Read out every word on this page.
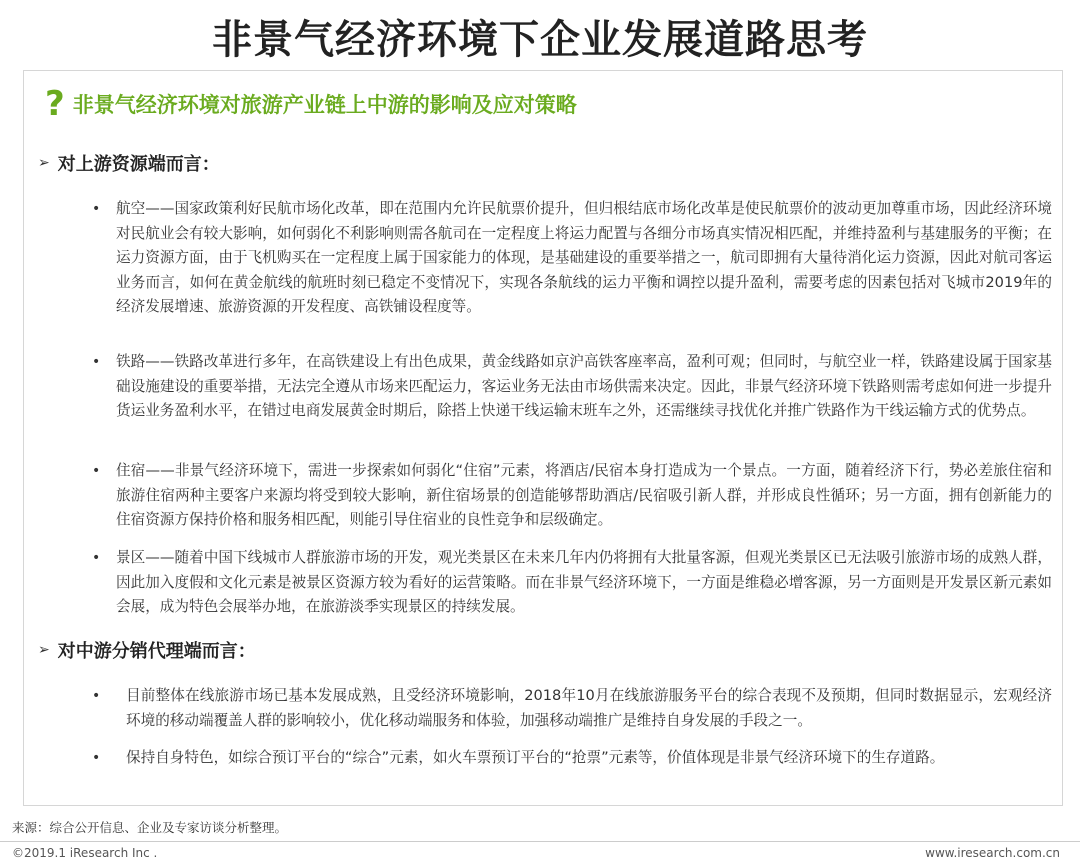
非景气经济环境下企业发展道路思考
? 非景气经济环境对旅游产业链上中游的影响及应对策略
➢ 对上游资源端而言：
•	航空——国家政策利好民航市场化改革，即在范围内允许民航票价提升，但归根结底市场化改革是使民航票价的波动更加尊重市场，因此经济环境对民航业会有较大影响，如何弱化不利影响则需各航司在一定程度上将运力配置与各细分市场真实情况相匹配，并维持盈利与基建服务的平衡；在运力资源方面，由于飞机购买在一定程度上属于国家能力的体现，是基础建设的重要举措之一，航司即拥有大量待消化运力资源，因此对航司客运业务而言，如何在黄金航线的航班时刻已稳定不变情况下，实现各条航线的运力平衡和调控以提升盈利，需要考虑的因素包括对飞城市2019年的经济发展增速、旅游资源的开发程度、高铁铺设程度等。
•	铁路——铁路改革进行多年，在高铁建设上有出色成果，黄金线路如京沪高铁客座率高，盈利可观；但同时，与航空业一样，铁路建设属于国家基础设施建设的重要举措，无法完全遵从市场来匹配运力，客运业务无法由市场供需来决定。因此，非景气经济环境下铁路则需考虑如何进一步提升货运业务盈利水平，在错过电商发展黄金时期后，除搭上快递干线运输末班车之外，还需继续寻找优化并推广铁路作为干线运输方式的优势点。
•	住宿——非景气经济环境下，需进一步探索如何弱化“住宿”元素，将酒店/民宿本身打造成为一个景点。一方面，随着经济下行，势必差旅住宿和旅游住宿两种主要客户来源均将受到较大影响，新住宿场景的创造能够帮助酒店/民宿吸引新人群，并形成良性循环；另一方面，拥有创新能力的住宿资源方保持价格和服务相匹配，则能引导住宿业的良性竞争和层级确定。
•	景区——随着中国下线城市人群旅游市场的开发，观光类景区在未来几年内仍将拥有大批量客源，但观光类景区已无法吸引旅游市场的成熟人群，因此加入度假和文化元素是被景区资源方较为看好的运营策略。而在非景气经济环境下，一方面是维稳必增客源，另一方面则是开发景区新元素如会展，成为特色会展举办地，在旅游淡季实现景区的持续发展。
➢ 对中游分销代理端而言：
•	目前整体在线旅游市场已基本发展成熟，且受经济环境影响，2018年10月在线旅游服务平台的综合表现不及预期，但同时数据显示，宏观经济环境的移动端覆盖人群的影响较小，优化移动端服务和体验，加强移动端推广是维持自身发展的手段之一。
•	保持自身特色，如综合预订平台的“综合”元素，如火车票预订平台的“抢票”元素等，价值体现是非景气经济环境下的生存道路。
来源：综合公开信息、企业及专家访谈分析整理。
©2019.1 iResearch Inc .	www.iresearch.com.cn
